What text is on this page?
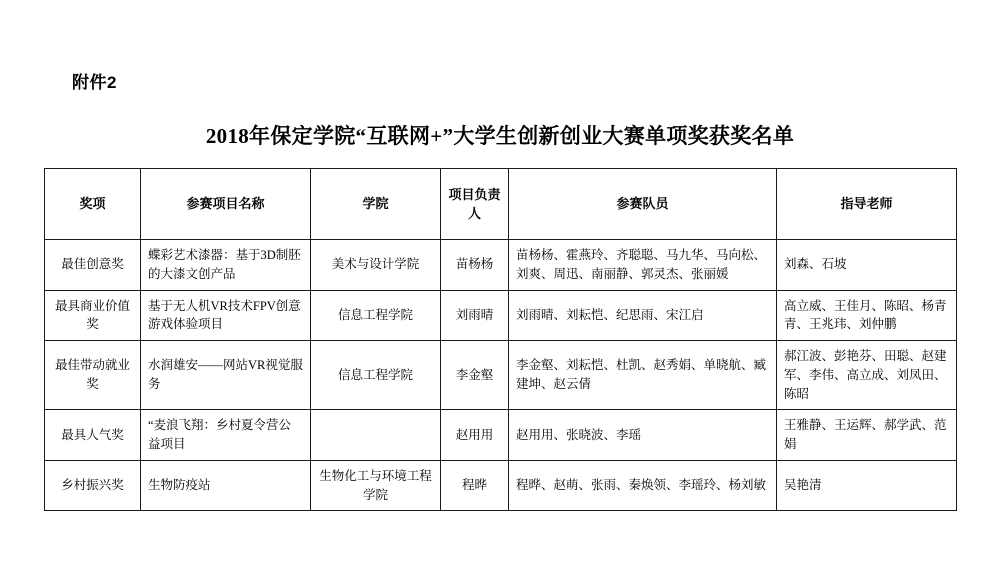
附件2
2018年保定学院“互联网+”大学生创新创业大赛单项奖获奖名单
奖项	参赛项目名称	学院	项目负责人	参赛队员	指导老师
最佳创意奖	蝶彩艺术漆器：基于3D制胚的大漆文创产品	美术与设计学院	苗杨杨	苗杨杨、霍燕玲、齐聪聪、马九华、马向松、刘爽、周迅、南丽静、郭灵杰、张丽媛	刘森、石坡
最具商业价值奖	基于无人机VR技术FPV创意游戏体验项目	信息工程学院	刘雨晴	刘雨晴、刘耘恺、纪思雨、宋江启	高立威、王佳月、陈昭、杨青青、王兆玮、刘仲鹏
最佳带动就业奖	水润雄安——网站VR视觉服务	信息工程学院	李金壑	李金壑、刘耘恺、杜凯、赵秀娟、单晓航、臧建坤、赵云倩	郝江波、彭艳芬、田聪、赵建军、李伟、高立成、刘凤田、陈昭
最具人气奖	“麦浪飞翔：乡村夏令营公益项目		赵用用	赵用用、张晓波、李瑶	王雅静、王运辉、郝学武、范娟
乡村振兴奖	生物防疫站	生物化工与环境工程学院	程晔	程晔、赵萌、张雨、秦焕领、李瑶玲、杨刘敏	吴艳清
